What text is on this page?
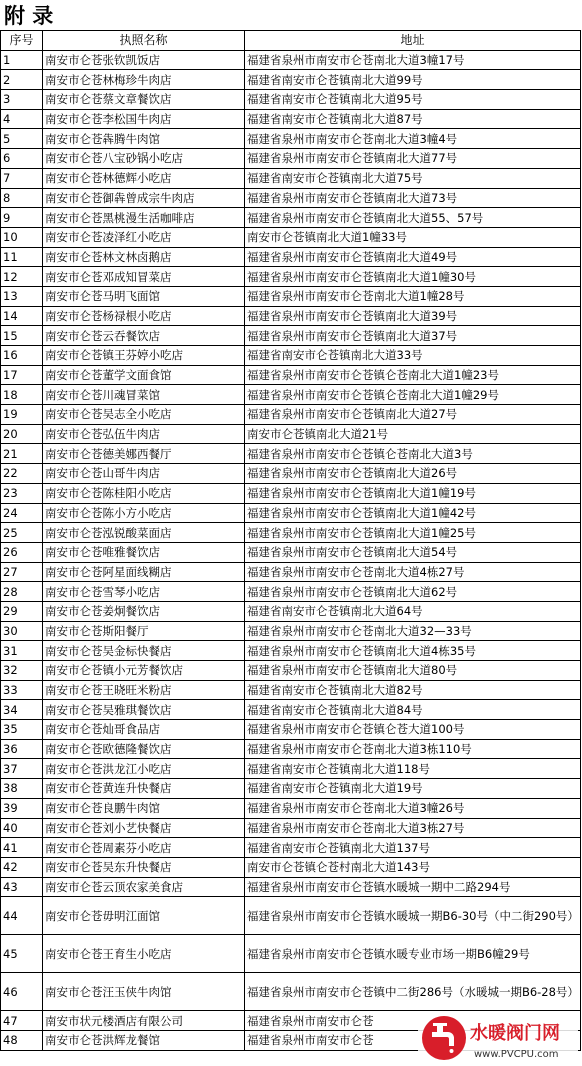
附 录
序号	执照名称	地址
1	南安市仑苍张钦凯饭店	福建省泉州市南安市仑苍南北大道3幢17号
2	南安市仑苍林梅珍牛肉店	福建省南安市仑苍镇南北大道99号
3	南安市仑苍蔡文章餐饮店	福建省南安市仑苍镇南北大道95号
4	南安市仑苍李松国牛肉店	福建省南安市仑苍镇南北大道87号
5	南安市仑苍犇腾牛肉馆	福建省泉州市南安市仑苍南北大道3幢4号
6	南安市仑苍八宝砂锅小吃店	福建省泉州市南安市仑苍镇南北大道77号
7	南安市仑苍林德辉小吃店	福建省南安市仑苍镇南北大道75号
8	南安市仑苍御犇曾成宗牛肉店	福建省泉州市南安市仑苍镇南北大道73号
9	南安市仑苍黑桃漫生活咖啡店	福建省泉州市南安市仑苍镇南北大道55、57号
10	南安市仑苍凌泽红小吃店	南安市仑苍镇南北大道1幢33号
11	南安市仑苍林文林卤鹅店	福建省泉州市南安市仑苍镇南北大道49号
12	南安市仑苍邓成知冒菜店	福建省泉州市南安市仑苍镇南北大道1幢30号
13	南安市仑苍马明飞面馆	福建省泉州市南安市仑苍南北大道1幢28号
14	南安市仑苍杨禄根小吃店	福建省泉州市南安市仑苍镇南北大道39号
15	南安市仑苍云吞餐饮店	福建省泉州市南安市仑苍镇南北大道37号
16	南安市仑苍镇王芬婷小吃店	福建省南安市仑苍镇南北大道33号
17	南安市仑苍董学文面食馆	福建省泉州市南安市仑苍镇仑苍南北大道1幢23号
18	南安市仑苍川魂冒菜馆	福建省泉州市南安市仑苍镇仑苍南北大道1幢29号
19	南安市仑苍吴志全小吃店	福建省泉州市南安市仑苍镇南北大道27号
20	南安市仑苍弘伍牛肉店	南安市仑苍镇南北大道21号
21	南安市仑苍德美娜西餐厅	福建省泉州市南安市仑苍镇仑苍南北大道3号
22	南安市仑苍山哥牛肉店	福建省泉州市南安市仑苍镇南北大道26号
23	南安市仑苍陈桂阳小吃店	福建省泉州市南安市仑苍镇南北大道1幢19号
24	南安市仑苍陈小方小吃店	福建省泉州市南安市仑苍镇南北大道1幢42号
25	南安市仑苍泓锐酸菜面店	福建省泉州市南安市仑苍镇南北大道1幢25号
26	南安市仑苍唯雅餐饮店	福建省泉州市南安市仑苍镇南北大道54号
27	南安市仑苍阿星面线糊店	福建省泉州市南安市仑苍南北大道4栋27号
28	南安市仑苍雪琴小吃店	福建省泉州市南安市仑苍镇南北大道62号
29	南安市仑苍姜炯餐饮店	福建省南安市仑苍镇南北大道64号
30	南安市仑苍斯阳餐厅	福建省泉州市南安市仑苍南北大道32—33号
31	南安市仑苍吴金标快餐店	福建省泉州市南安市仑苍镇南北大道4栋35号
32	南安市仑苍镇小元芳餐饮店	福建省泉州市南安市仑苍镇南北大道80号
33	南安市仑苍王晓旺米粉店	福建省南安市仑苍镇南北大道82号
34	南安市仑苍吴雅琪餐饮店	福建省南安市仑苍镇南北大道84号
35	南安市仑苍灿哥食品店	福建省泉州市南安市仑苍镇仑苍大道100号
36	南安市仑苍欧德隆餐饮店	福建省泉州市南安市仑苍南北大道3栋110号
37	南安市仑苍洪龙江小吃店	福建省南安市仑苍镇南北大道118号
38	南安市仑苍黄连升快餐店	福建省南安市仑苍镇南北大道19号
39	南安市仑苍良鹏牛肉馆	福建省泉州市南安市仑苍南北大道3幢26号
40	南安市仑苍刘小艺快餐店	福建省泉州市南安市仑苍南北大道3栋27号
41	南安市仑苍周素芬小吃店	福建省南安市仑苍镇南北大道137号
42	南安市仑苍吴东升快餐店	南安市仑苍镇仑苍村南北大道143号
43	南安市仑苍云顶农家美食店	福建省泉州市南安市仑苍镇水暖城一期中二路294号
44	南安市仑苍毋明江面馆	福建省泉州市南安市仑苍镇水暖城一期B6-30号（中二街290号）
45	南安市仑苍王育生小吃店	福建省泉州市南安市仑苍镇水暖专业市场一期B6幢29号
46	南安市仑苍汪玉侠牛肉馆	福建省泉州市南安市仑苍镇中二街286号（水暖城一期B6-28号）
47	南安市状元楼酒店有限公司	福建省泉州市南安市仑苍
48	南安市仑苍洪辉龙餐馆	福建省泉州市南安市仑苍	水暖阀门网
www.PVCPU.com
